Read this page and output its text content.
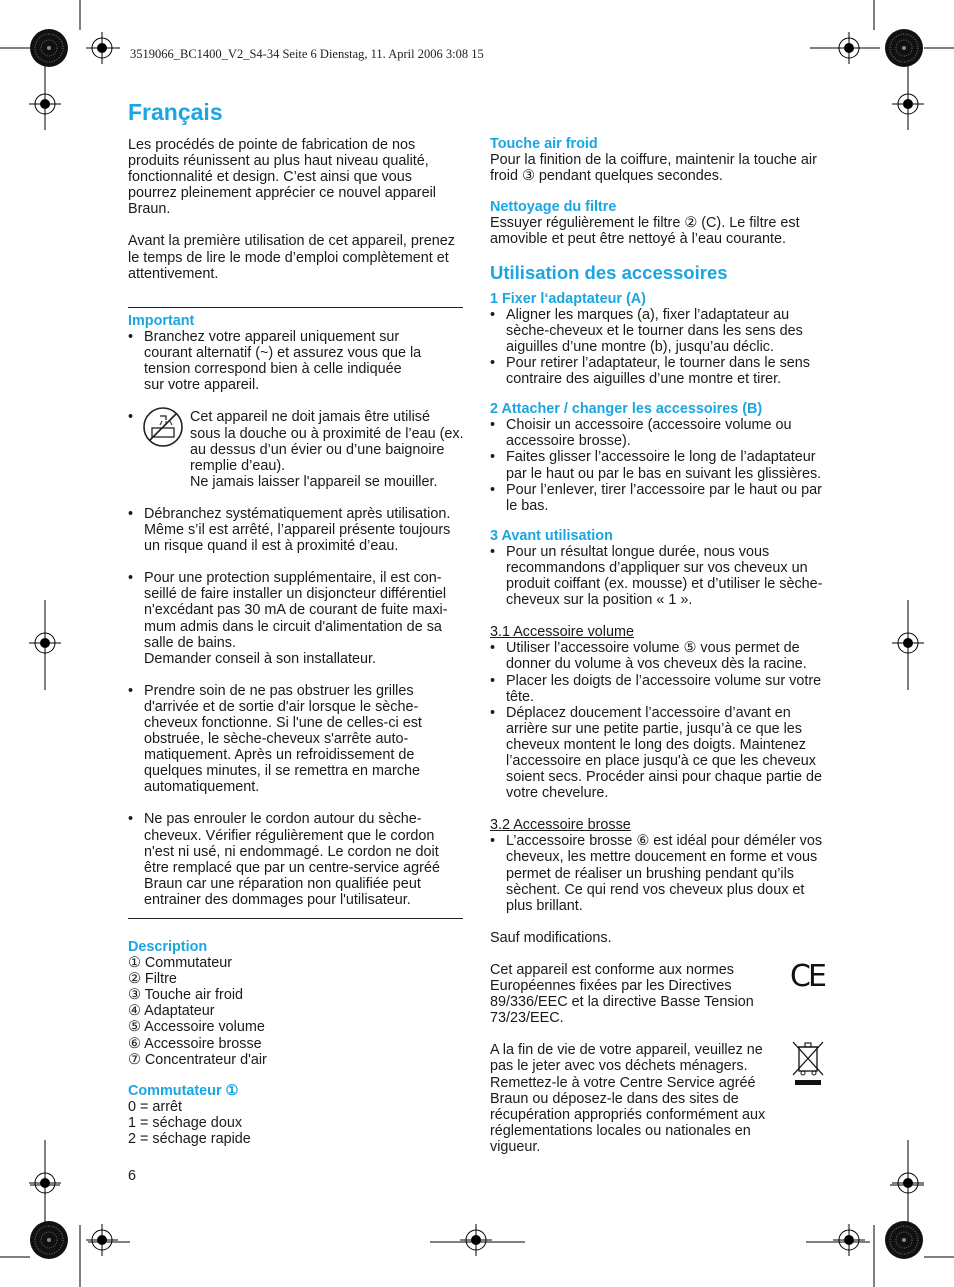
3519066_BC1400_V2_S4-34 Seite 6 Dienstag, 11. April 2006 3:08 15
Français

Les procédés de pointe de fabrication de nos produits réunissent au plus haut niveau qualité, fonctionnalité et design. C’est ainsi que vous pourrez pleinement apprécier ce nouvel appareil Braun.

Avant la première utilisation de cet appareil, prenez le temps de lire le mode d’emploi complètement et attentivement.

Important
• Branchez votre appareil uniquement sur courant alternatif (~) et assurez vous que la tension correspond bien à celle indiquée sur votre appareil.
• Cet appareil ne doit jamais être utilisé sous la douche ou à proximité de l’eau (ex. au dessus d’un évier ou d’une baignoire remplie d’eau).
Ne jamais laisser l'appareil se mouiller.
• Débranchez systématiquement après utilisation. Même s’il est arrêté, l’appareil présente toujours un risque quand il est à proximité d’eau.
• Pour une protection supplémentaire, il est con-seillé de faire installer un disjoncteur différentiel n'excédant pas 30 mA de courant de fuite maxi-mum admis dans le circuit d'alimentation de sa salle de bains.
Demander conseil à son installateur.
• Prendre soin de ne pas obstruer les grilles d'arrivée et de sortie d'air lorsque le sèche-cheveux fonctionne. Si l'une de celles-ci est obstruée, le sèche-cheveux s'arrête auto-matiquement. Après un refroidissement de quelques minutes, il se remettra en marche automatiquement.
• Ne pas enrouler le cordon autour du sèche-cheveux. Vérifier régulièrement que le cordon n'est ni usé, ni endommagé. Le cordon ne doit être remplacé que par un centre-service agréé Braun car une réparation non qualifiée peut entrainer des dommages pour l'utilisateur.
Description
① Commutateur
② Filtre
③ Touche air froid
④ Adaptateur
⑤ Accessoire volume
⑥ Accessoire brosse
⑦ Concentrateur d'air
Commutateur ①
0 = arrêt
1 = séchage doux
2 = séchage rapide
6
Touche air froid

Pour la finition de la coiffure, maintenir la touche air froid ③ pendant quelques secondes.

Nettoyage du filtre

Essuyer régulièrement le filtre ② (C). Le filtre est amovible et peut être nettoyé à l’eau courante.

Utilisation des accessoires
1 Fixer l‘adaptateur (A)
• Aligner les marques (a), fixer l’adaptateur au sèche-cheveux et le tourner dans les sens des aiguilles d’une montre (b), jusqu’au déclic.
• Pour retirer l’adaptateur, le tourner dans le sens contraire des aiguilles d’une montre et tirer.
2 Attacher / changer les accessoires (B)
• Choisir un accessoire (accessoire volume ou accessoire brosse).
• Faites glisser l’accessoire le long de l’adaptateur par le haut ou par le bas en suivant les glissières.
• Pour l’enlever, tirer l’accessoire par le haut ou par le bas.
3 Avant utilisation
• Pour un résultat longue durée, nous vous recommandons d’appliquer sur vos cheveux un produit coiffant (ex. mousse) et d’utiliser le sèche-cheveux sur la position « 1 ».
3.1 Accessoire volume
• Utiliser l’accessoire volume ⑤ vous permet de donner du volume à vos cheveux dès la racine.
• Placer les doigts de l’accessoire volume sur votre tête.
• Déplacez doucement l’accessoire d’avant en arrière sur une petite partie, jusqu’à ce que les cheveux montent le long des doigts. Maintenez l’accessoire en place jusqu'à ce que les cheveux soient secs. Procéder ainsi pour chaque partie de votre chevelure.
3.2 Accessoire brosse
• L’accessoire brosse ⑥ est idéal pour déméler vos cheveux, les mettre doucement en forme et vous permet de réaliser un brushing pendant qu’ils sèchent. Ce qui rend vos cheveux plus doux et plus brillant.

Sauf modifications.

Cet appareil est conforme aux normes Européennes fixées par les Directives 89/336/EEC et la directive Basse Tension 73/23/EEC.

CE

A la fin de vie de votre appareil, veuillez ne pas le jeter avec vos déchets ménagers. Remettez-le à votre Centre Service agréé Braun ou déposez-le dans des sites de récupération appropriés conformément aux réglementations locales ou nationales en vigueur.
